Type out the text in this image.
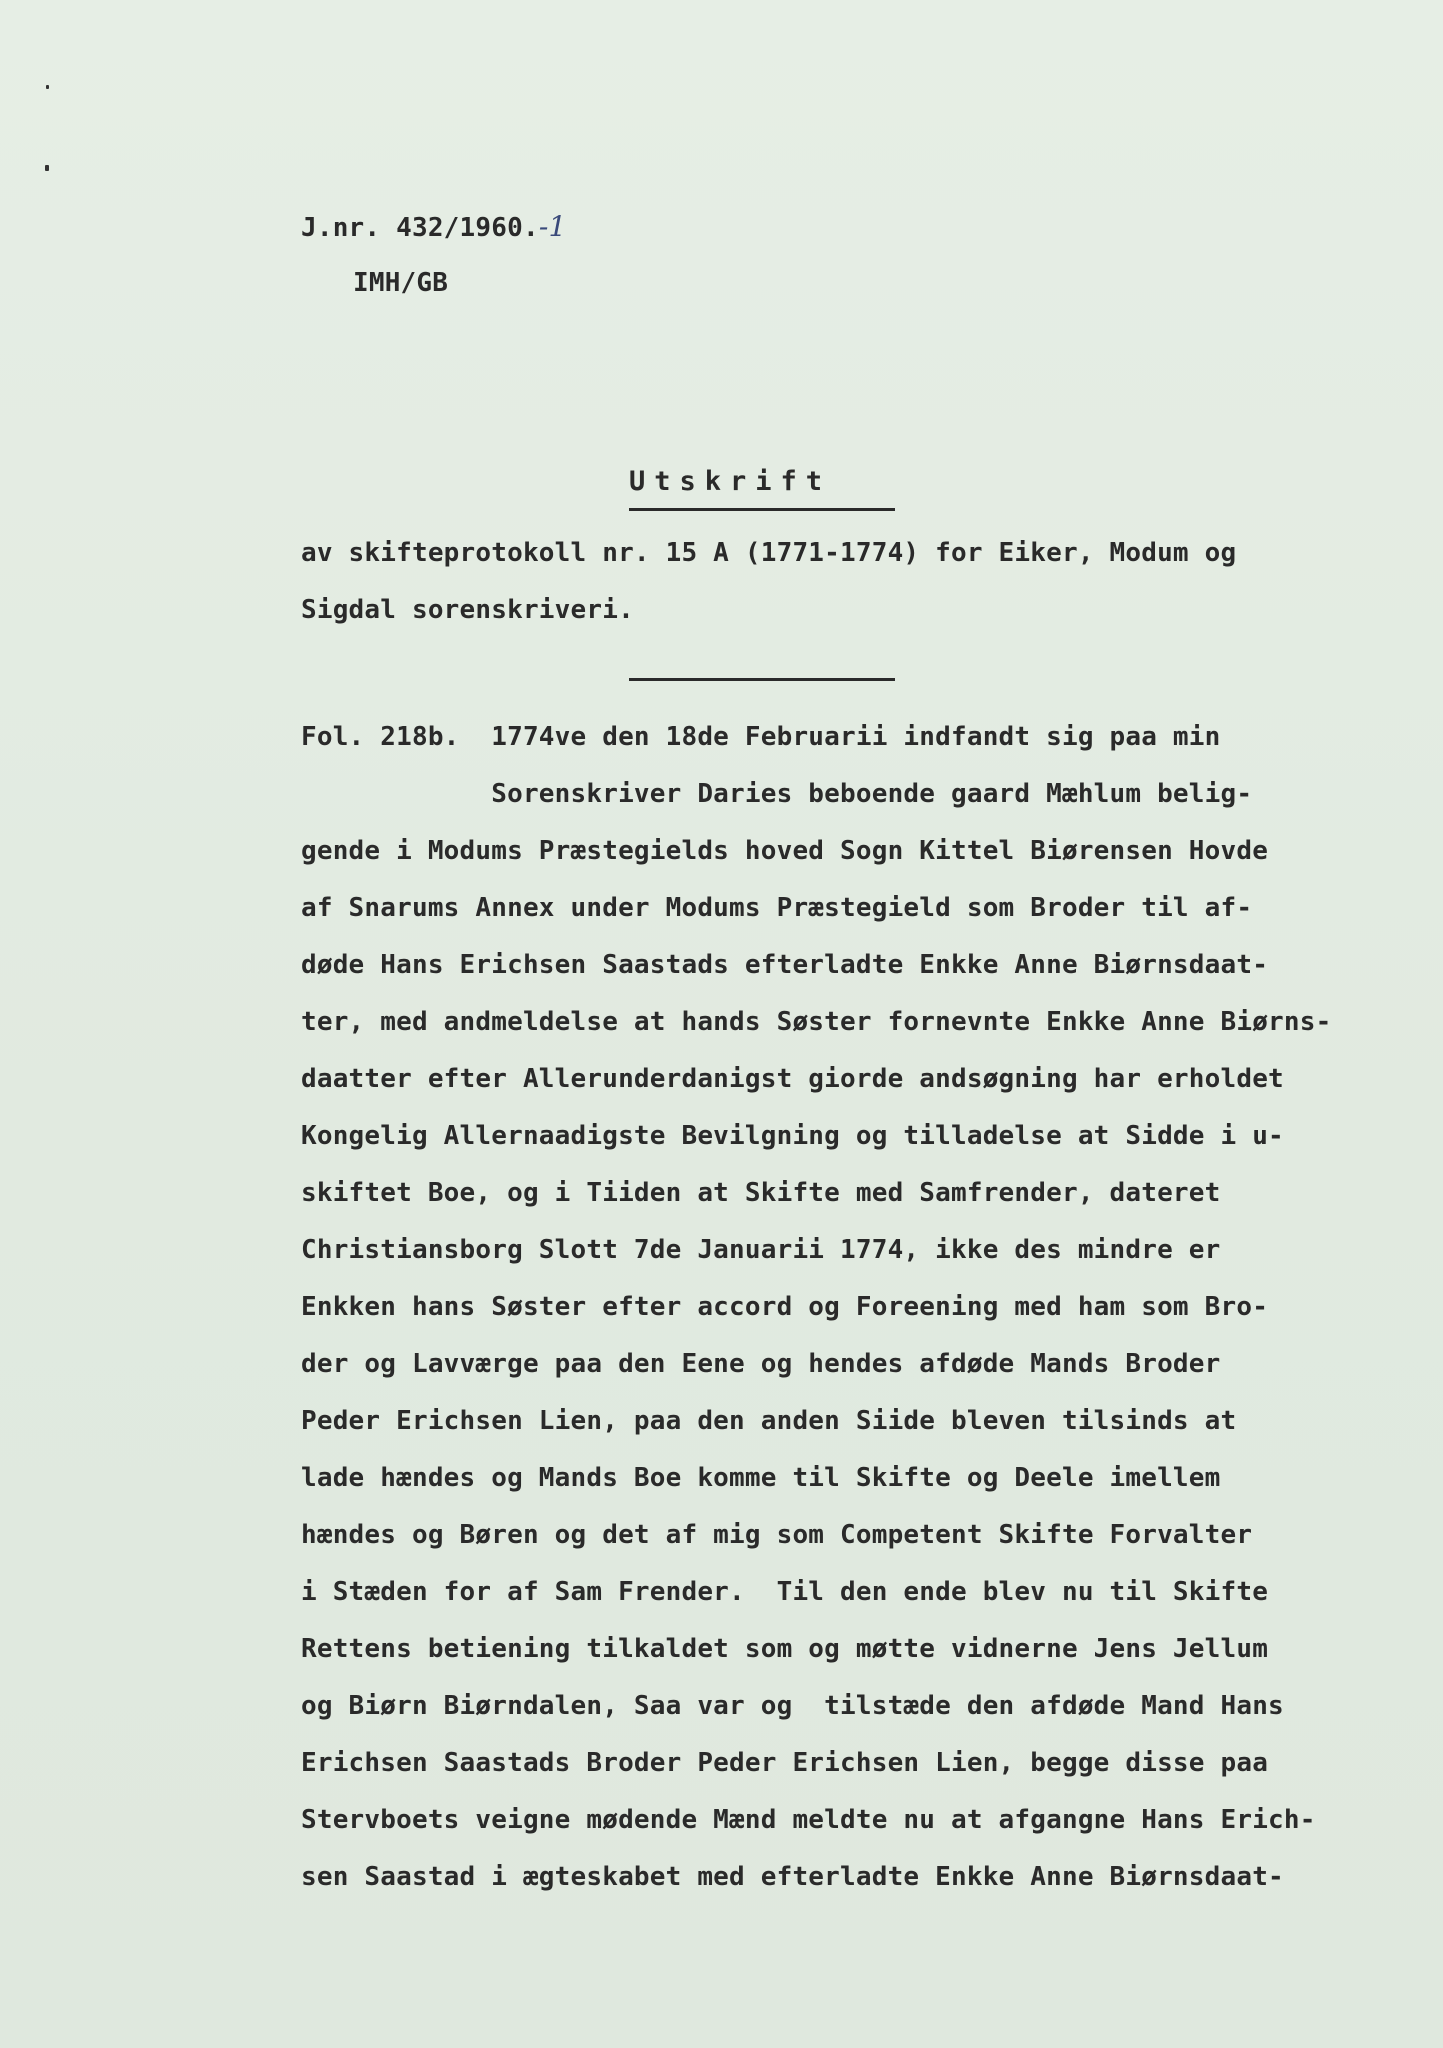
J.nr. 432/1960.-1
IMH/GB
Utskrift
av skifteprotokoll nr. 15 A (1771-1774) for Eiker, Modum og
Sigdal sorenskriveri.
Fol. 218b.  1774ve den 18de Februarii indfandt sig paa min
Sorenskriver Daries beboende gaard Mæhlum belig-
gende i Modums Præstegields hoved Sogn Kittel Biørensen Hovde
af Snarums Annex under Modums Præstegield som Broder til af-
døde Hans Erichsen Saastads efterladte Enkke Anne Biørnsdaat-
ter, med andmeldelse at hands Søster fornevnte Enkke Anne Biørns-
daatter efter Allerunderdanigst giorde andsøgning har erholdet
Kongelig Allernaadigste Bevilgning og tilladelse at Sidde i u-
skiftet Boe, og i Tiiden at Skifte med Samfrender, dateret
Christiansborg Slott 7de Januarii 1774, ikke des mindre er
Enkken hans Søster efter accord og Foreening med ham som Bro-
der og Lavværge paa den Eene og hendes afdøde Mands Broder
Peder Erichsen Lien, paa den anden Siide bleven tilsinds at
lade hændes og Mands Boe komme til Skifte og Deele imellem
hændes og Børen og det af mig som Competent Skifte Forvalter
i Stæden for af Sam Frender.  Til den ende blev nu til Skifte
Rettens betiening tilkaldet som og møtte vidnerne Jens Jellum
og Biørn Biørndalen, Saa var og  tilstæde den afdøde Mand Hans
Erichsen Saastads Broder Peder Erichsen Lien, begge disse paa
Stervboets veigne mødende Mænd meldte nu at afgangne Hans Erich-
sen Saastad i ægteskabet med efterladte Enkke Anne Biørnsdaat-
